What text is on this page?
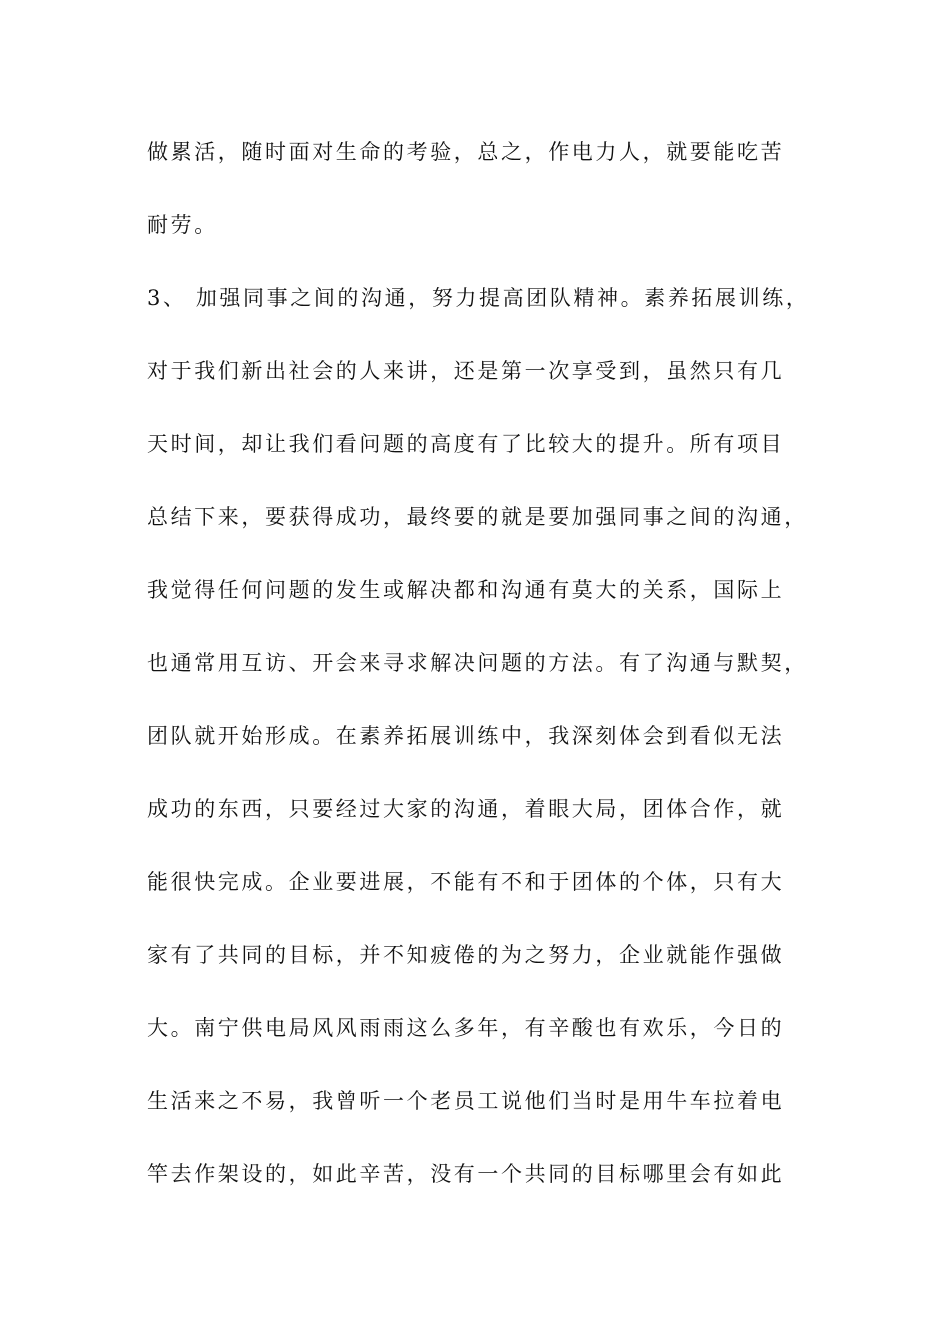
做累活，随时面对生命的考验，总之，作电力人，就要能吃苦
耐劳。
3、 加强同事之间的沟通，努力提高团队精神。素养拓展训练，
对于我们新出社会的人来讲，还是第一次享受到，虽然只有几
天时间，却让我们看问题的高度有了比较大的提升。所有项目
总结下来，要获得成功，最终要的就是要加强同事之间的沟通，
我觉得任何问题的发生或解决都和沟通有莫大的关系，国际上
也通常用互访、开会来寻求解决问题的方法。有了沟通与默契，
团队就开始形成。在素养拓展训练中，我深刻体会到看似无法
成功的东西，只要经过大家的沟通，着眼大局，团体合作，就
能很快完成。企业要进展，不能有不和于团体的个体，只有大
家有了共同的目标，并不知疲倦的为之努力，企业就能作强做
大。南宁供电局风风雨雨这么多年，有辛酸也有欢乐，今日的
生活来之不易，我曾听一个老员工说他们当时是用牛车拉着电
竿去作架设的，如此辛苦，没有一个共同的目标哪里会有如此
